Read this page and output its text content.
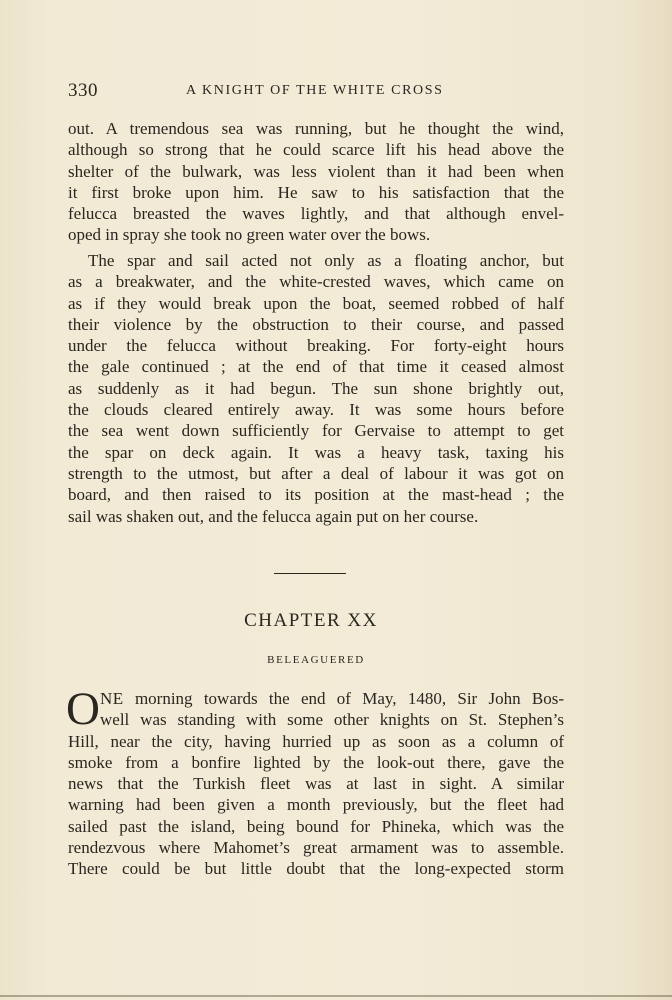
330	A KNIGHT OF THE WHITE CROSS
out. A tremendous sea was running, but he thought the wind,
although so strong that he could scarce lift his head above the
shelter of the bulwark, was less violent than it had been when
it first broke upon him. He saw to his satisfaction that the
felucca breasted the waves lightly, and that although envel-
oped in spray she took no green water over the bows.
The spar and sail acted not only as a floating anchor, but
as a breakwater, and the white-crested waves, which came on
as if they would break upon the boat, seemed robbed of half
their violence by the obstruction to their course, and passed
under the felucca without breaking. For forty-eight hours
the gale continued ; at the end of that time it ceased almost
as suddenly as it had begun. The sun shone brightly out,
the clouds cleared entirely away. It was some hours before
the sea went down sufficiently for Gervaise to attempt to get
the spar on deck again. It was a heavy task, taxing his
strength to the utmost, but after a deal of labour it was got on
board, and then raised to its position at the mast-head ; the
sail was shaken out, and the felucca again put on her course.
CHAPTER XX
BELEAGUERED
O NE morning towards the end of May, 1480, Sir John Bos-
well was standing with some other knights on St. Stephen’s
Hill, near the city, having hurried up as soon as a column of
smoke from a bonfire lighted by the look-out there, gave the
news that the Turkish fleet was at last in sight. A similar
warning had been given a month previously, but the fleet had
sailed past the island, being bound for Phineka, which was the
rendezvous where Mahomet’s great armament was to assemble.
There could be but little doubt that the long-expected storm
